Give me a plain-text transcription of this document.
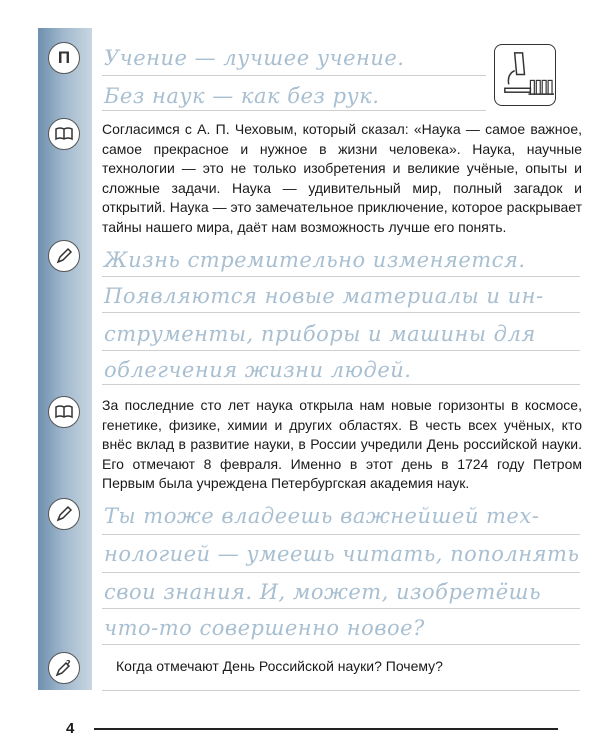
П
?
Учение — лучшее учение.
Без наук — как без рук.
Согласимся с А. П. Чеховым, который сказал: «Наука — самое важное, самое прекрасное и нужное в жизни человека». Наука, научные технологии — это не только изобретения и великие учёные, опыты и сложные задачи. Наука — удивительный мир, полный загадок и открытий. Наука — это замечательное приключение, которое раскрывает тайны нашего мира, даёт нам возможность лучше его понять.
Жизнь стремительно изменяется.
Появляются новые материалы и ин-
струменты, приборы и машины для
облегчения жизни людей.
За последние сто лет наука открыла нам новые горизонты в космосе, генетике, физике, химии и других областях. В честь всех учёных, кто внёс вклад в развитие науки, в России учредили День российской науки. Его отмечают 8 февраля. Именно в этот день в 1724 году Петром Первым была учреждена Петербургская академия наук.
Ты тоже владеешь важнейшей тех-
нологией — умеешь читать, пополнять
свои знания. И, может, изобретёшь
что-то совершенно новое?
Когда отмечают День Российской науки? Почему?
4
